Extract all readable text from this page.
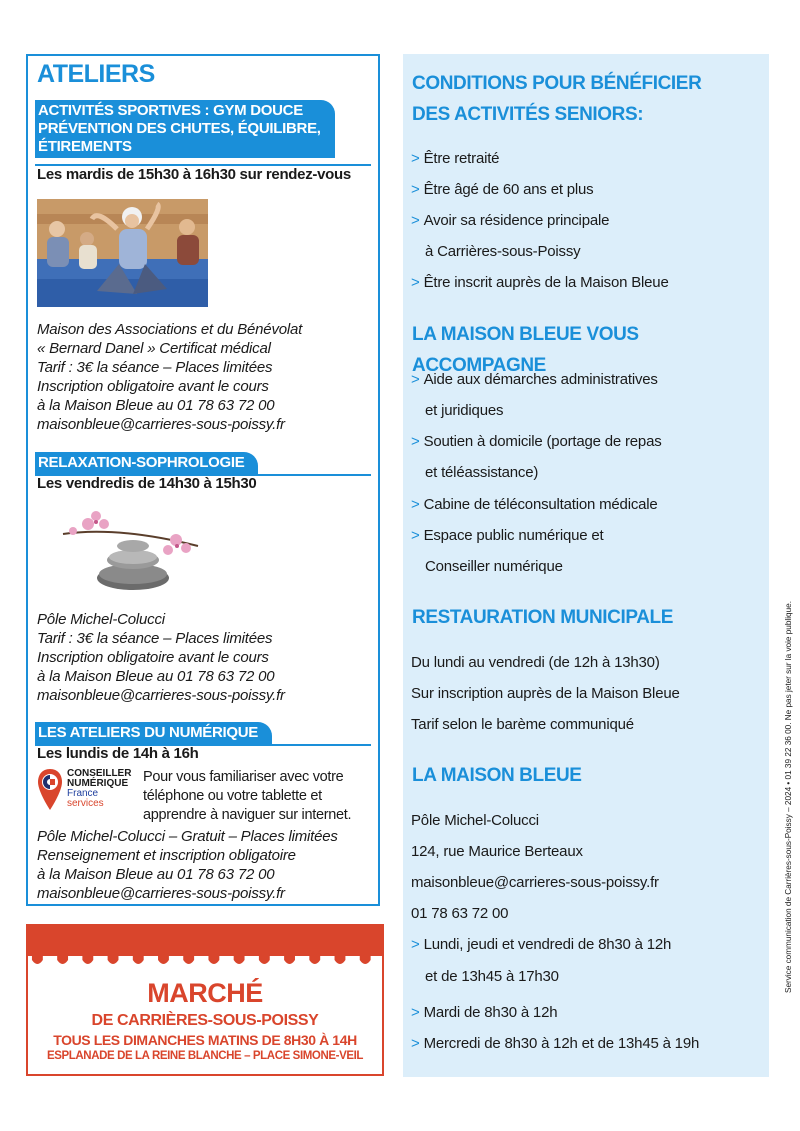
ATELIERS
ACTIVITÉS SPORTIVES : GYM DOUCE
PRÉVENTION DES CHUTES, ÉQUILIBRE,
ÉTIREMENTS
Les mardis de 15h30 à 16h30 sur rendez-vous
Maison des Associations et du Bénévolat
« Bernard Danel » Certificat médical
Tarif : 3€ la séance – Places limitées
Inscription obligatoire avant le cours
à la Maison Bleue au 01 78 63 72 00
maisonbleue@carrieres-sous-poissy.fr
RELAXATION-SOPHROLOGIE
Les vendredis de 14h30 à 15h30
Pôle Michel-Colucci
Tarif : 3€ la séance – Places limitées
Inscription obligatoire avant le cours
à la Maison Bleue au 01 78 63 72 00
maisonbleue@carrieres-sous-poissy.fr
LES ATELIERS DU NUMÉRIQUE
Les lundis de 14h à 16h
CONSEILLER
NUMÉRIQUE
France
services
Pour vous familiariser avec votre
téléphone ou votre tablette et
apprendre à naviguer sur internet.
Pôle Michel-Colucci – Gratuit – Places limitées
Renseignement et inscription obligatoire
à la Maison Bleue au 01 78 63 72 00
maisonbleue@carrieres-sous-poissy.fr
MARCHÉ
DE CARRIÈRES-SOUS-POISSY
TOUS LES DIMANCHES MATINS DE 8H30 À 14H
ESPLANADE DE LA REINE BLANCHE – PLACE SIMONE-VEIL
CONDITIONS POUR BÉNÉFICIER
DES ACTIVITÉS SENIORS:
> Être retraité
> Être âgé de 60 ans et plus
> Avoir sa résidence principale
à Carrières-sous-Poissy
> Être inscrit auprès de la Maison Bleue
LA MAISON BLEUE VOUS ACCOMPAGNE
> Aide aux démarches administratives
et juridiques
> Soutien à domicile (portage de repas
et téléassistance)
> Cabine de téléconsultation médicale
> Espace public numérique et
Conseiller numérique
RESTAURATION MUNICIPALE
Du lundi au vendredi (de 12h à 13h30)
Sur inscription auprès de la Maison Bleue
Tarif selon le barème communiqué
LA MAISON BLEUE
Pôle Michel-Colucci
124, rue Maurice Berteaux
maisonbleue@carrieres-sous-poissy.fr
01 78 63 72 00
> Lundi, jeudi et vendredi de 8h30 à 12h
et de 13h45 à 17h30
> Mardi de 8h30 à 12h
> Mercredi de 8h30 à 12h et de 13h45 à 19h
Service communication de Carrières-sous-Poissy – 2024 • 01 39 22 36 00. Ne pas jeter sur la voie publique.
